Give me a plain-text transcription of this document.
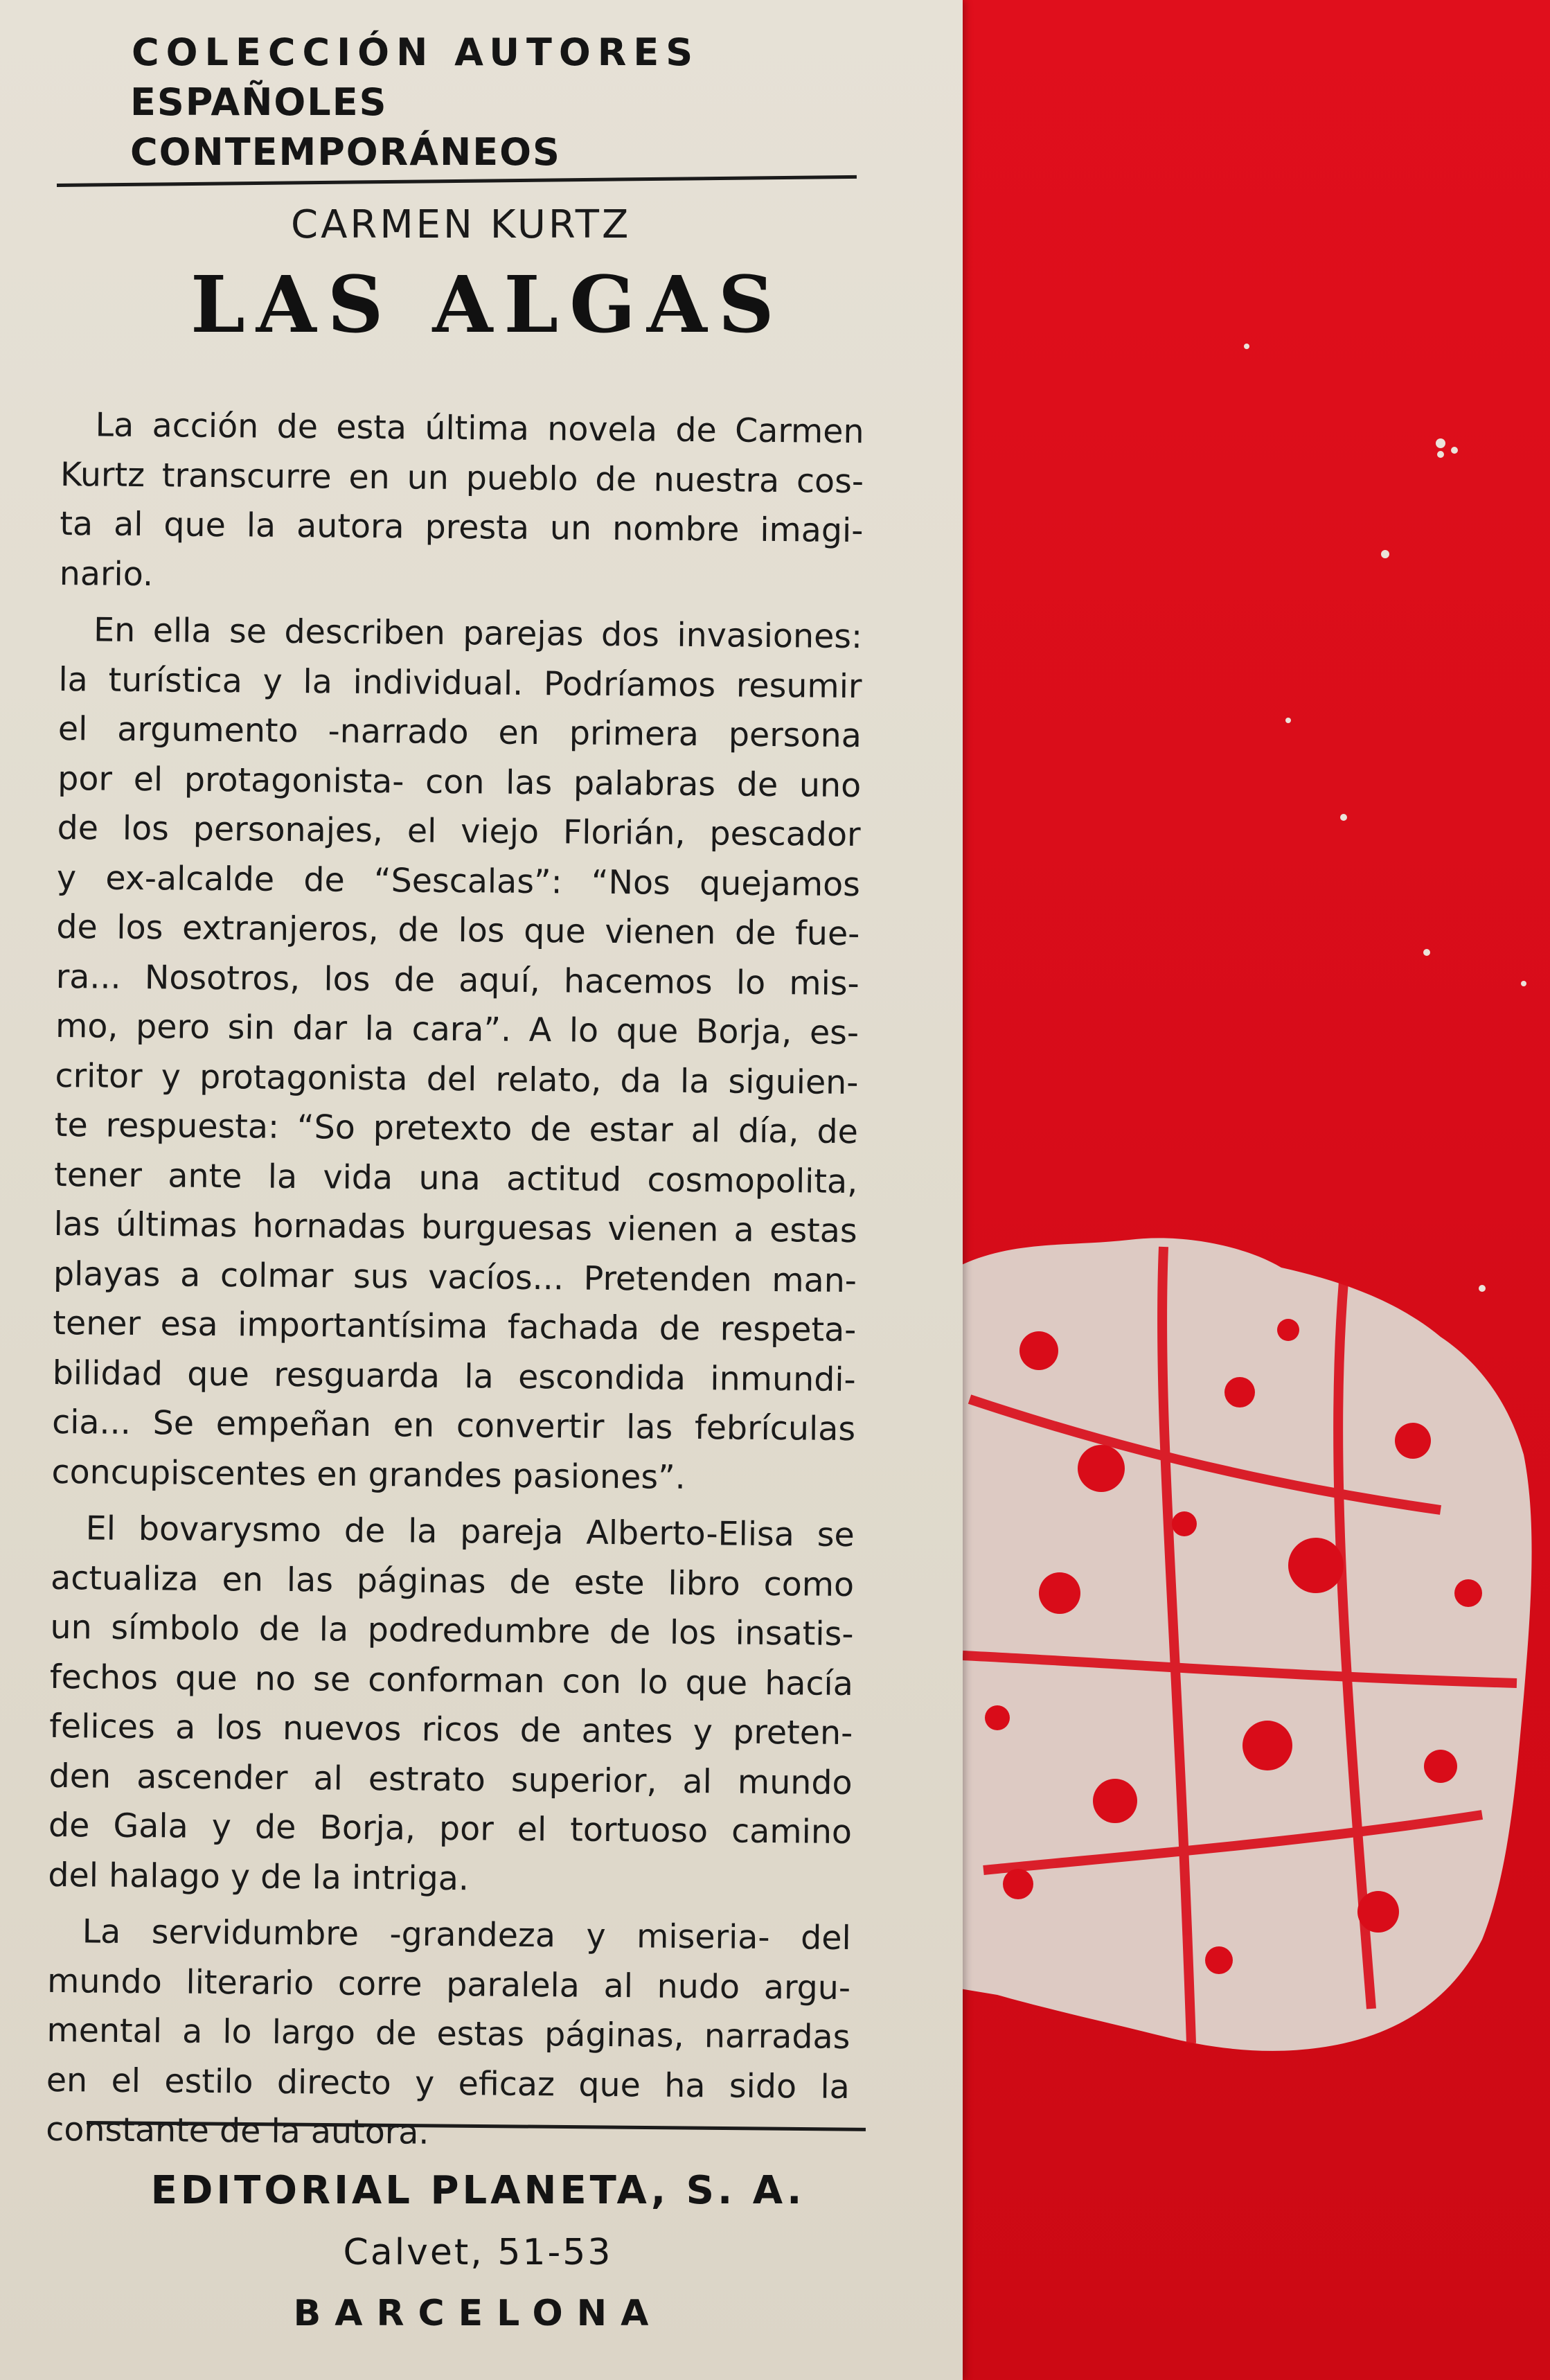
COLECCIÓN AUTORES
ESPAÑOLES CONTEMPORÁNEOS
CARMEN KURTZ
LAS ALGAS

La acción de esta última novela de Carmen
Kurtz transcurre en un pueblo de nuestra cos-
ta al que la autora presta un nombre imagi-
nario.

En ella se describen parejas dos invasiones:
la turística y la individual. Podríamos resumir
el argumento -narrado en primera persona
por el protagonista- con las palabras de uno
de los personajes, el viejo Florián, pescador
y ex-alcalde de “Sescalas”: “Nos quejamos
de los extranjeros, de los que vienen de fue-
ra... Nosotros, los de aquí, hacemos lo mis-
mo, pero sin dar la cara”. A lo que Borja, es-
critor y protagonista del relato, da la siguien-
te respuesta: “So pretexto de estar al día, de
tener ante la vida una actitud cosmopolita,
las últimas hornadas burguesas vienen a estas
playas a colmar sus vacíos... Pretenden man-
tener esa importantísima fachada de respeta-
bilidad que resguarda la escondida inmundi-
cia... Se empeñan en convertir las febrículas
concupiscentes en grandes pasiones”.

El bovarysmo de la pareja Alberto-Elisa se
actualiza en las páginas de este libro como
un símbolo de la podredumbre de los insatis-
fechos que no se conforman con lo que hacía
felices a los nuevos ricos de antes y preten-
den ascender al estrato superior, al mundo
de Gala y de Borja, por el tortuoso camino
del halago y de la intriga.

La servidumbre -grandeza y miseria- del
mundo literario corre paralela al nudo argu-
mental a lo largo de estas páginas, narradas
en el estilo directo y eficaz que ha sido la
constante de la autora.

EDITORIAL PLANETA, S. A.
Calvet, 51-53
BARCELONA
